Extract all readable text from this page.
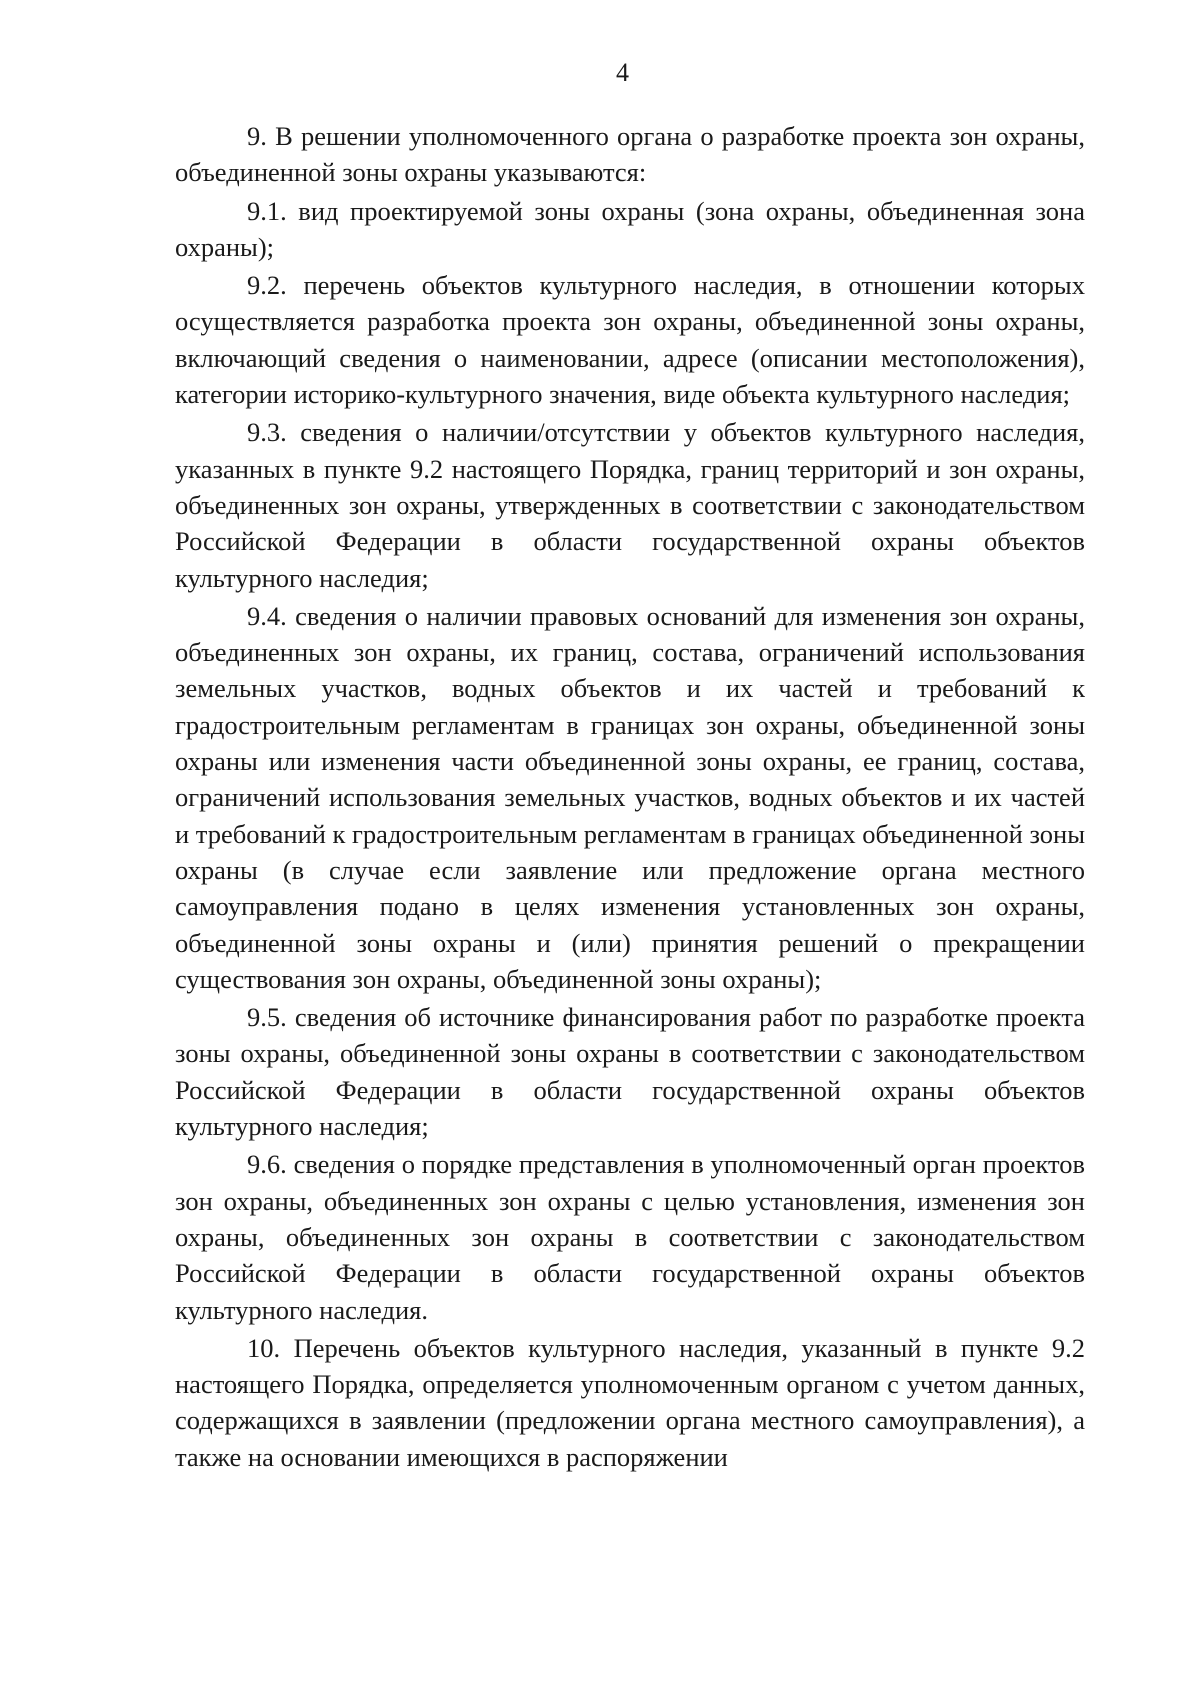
4

9. В решении уполномоченного органа о разработке проекта зон охраны, объединенной зоны охраны указываются:

9.1. вид проектируемой зоны охраны (зона охраны, объединенная зона охраны);

9.2. перечень объектов культурного наследия, в отношении которых осуществляется разработка проекта зон охраны, объединенной зоны охраны, включающий сведения о наименовании, адресе (описании местоположения), категории историко-культурного значения, виде объекта культурного наследия;

9.3. сведения о наличии/отсутствии у объектов культурного наследия, указанных в пункте 9.2 настоящего Порядка, границ территорий и зон охраны, объединенных зон охраны, утвержденных в соответствии с законодательством Российской Федерации в области государственной охраны объектов культурного наследия;

9.4. сведения о наличии правовых оснований для изменения зон охраны, объединенных зон охраны, их границ, состава, ограничений использования земельных участков, водных объектов и их частей и требований к градостроительным регламентам в границах зон охраны, объединенной зоны охраны или изменения части объединенной зоны охраны, ее границ, состава, ограничений использования земельных участков, водных объектов и их частей и требований к градостроительным регламентам в границах объединенной зоны охраны (в случае если заявление или предложение органа местного самоуправления подано в целях изменения установленных зон охраны, объединенной зоны охраны и (или) принятия решений о прекращении существования зон охраны, объединенной зоны охраны);

9.5. сведения об источнике финансирования работ по разработке проекта зоны охраны, объединенной зоны охраны в соответствии с законодательством Российской Федерации в области государственной охраны объектов культурного наследия;

9.6. сведения о порядке представления в уполномоченный орган проектов зон охраны, объединенных зон охраны с целью установления, изменения зон охраны, объединенных зон охраны в соответствии с законодательством Российской Федерации в области государственной охраны объектов культурного наследия.

10. Перечень объектов культурного наследия, указанный в пункте 9.2 настоящего Порядка, определяется уполномоченным органом с учетом данных, содержащихся в заявлении (предложении органа местного самоуправления), а также на основании имеющихся в распоряжении
